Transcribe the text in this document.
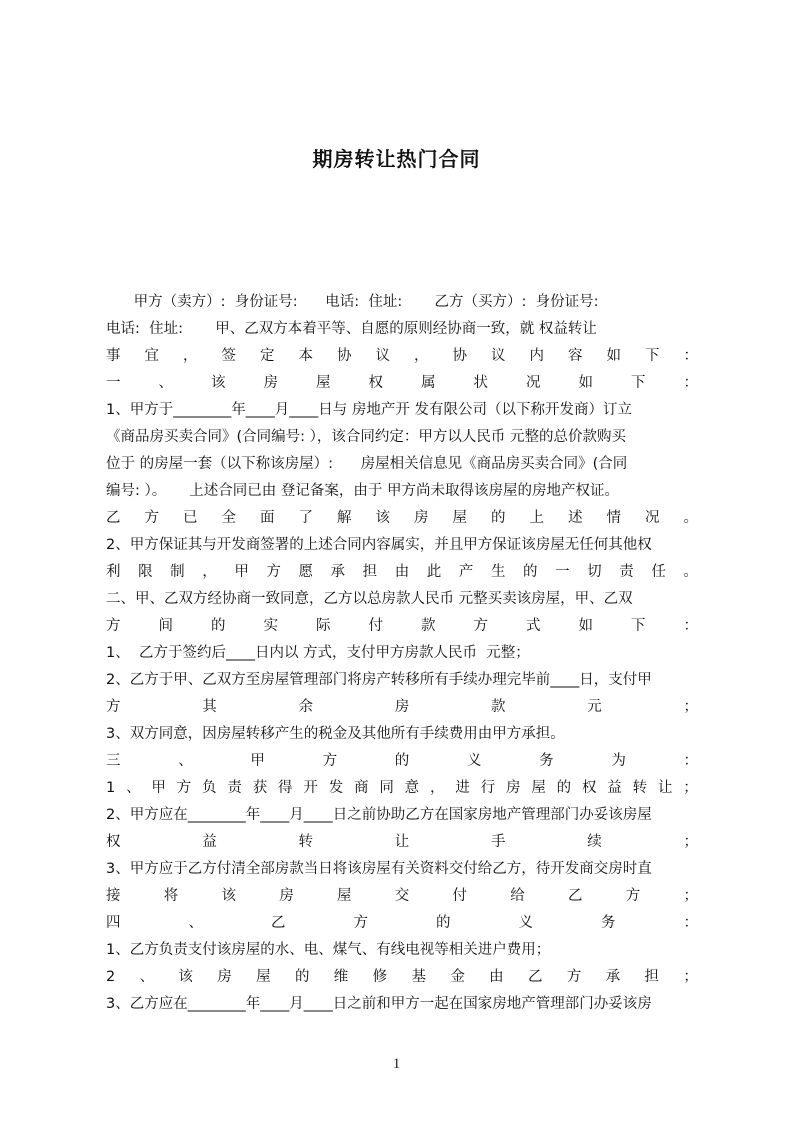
期房转让热门合同
甲方（卖方）:  身份证号:      电话:  住址:       乙方（买方）:  身份证号:
电话:  住址:       甲、乙双方本着平等、自愿的原则经协商一致，就 权益转让
事 宜 ， 签 定 本 协 议 ， 协 议 内 容 如 下 ：
一	、	该	房	屋	权	属	状	况	如	下	：
1、甲方于________年____月____日与 房地产开 发有限公司（以下称开发商）订立
《商品房买卖合同》(合同编号: ），该合同约定：甲方以人民币 元整的总价款购买
位于 的房屋一套（以下称该房屋）:      房屋相关信息见《商品房买卖合同》(合同
编号: ）。     上述合同已由 登记备案，由于 甲方尚未取得该房屋的房地产权证。
乙 方 已 全 面 了 解 该 房 屋 的 上 述 情 况 。
2、甲方保证其与开发商签署的上述合同内容属实，并且甲方保证该房屋无任何其他权
利 限 制 ， 甲 方 愿 承 担 由 此 产 生 的 一 切 责 任 。
二、甲、乙双方经协商一致同意，乙方以总房款人民币 元整买卖该房屋，甲、乙双
方	间	的	实	际	付	款	方	式	如	下	：
1、  乙方于签约后____日内以 方式，支付甲方房款人民币  元整；
2、乙方于甲、乙双方至房屋管理部门将房产转移所有手续办理完毕前____日，支付甲
方	其	余	房	款	元	；
3、双方同意，因房屋转移产生的税金及其他所有手续费用由甲方承担。
三	、	甲	方	的	义	务	为	：
1 、 甲 方 负 责 获 得 开 发 商 同 意 ， 进 行 房 屋 的 权 益 转 让 ；
2、甲方应在________年____月____日之前协助乙方在国家房地产管理部门办妥该房屋
权	益	转	让	手	续	；
3、甲方应于乙方付清全部房款当日将该房屋有关资料交付给乙方，待开发商交房时直
接	将	该	房	屋	交	付	给	乙	方	；
四	、	乙	方	的	义	务	：
1、乙方负责支付该房屋的水、电、煤气、有线电视等相关进户费用；
2 、 该 房 屋 的 维 修 基 金 由 乙 方 承 担 ；
3、乙方应在________年____月____日之前和甲方一起在国家房地产管理部门办妥该房
1
